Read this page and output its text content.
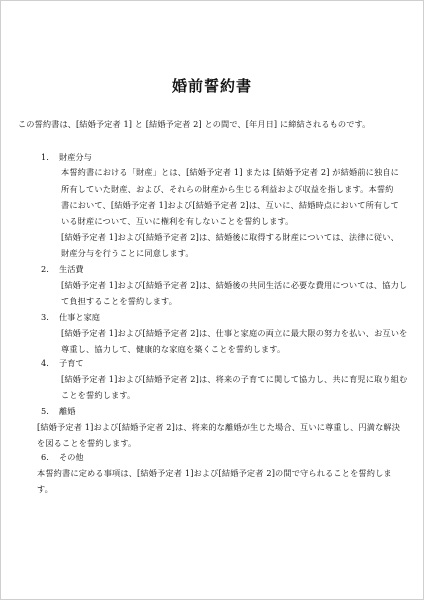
婚前誓約書
この誓約書は、[結婚予定者 1] と [結婚予定者 2] との間で、[年月日] に締結されるものです。
1. 財産分与
本誓約書における「財産」とは、[結婚予定者 1] または [結婚予定者 2] が結婚前に独自に
所有していた財産、および、それらの財産から生じる利益および収益を指します。本誓約
書において、[結婚予定者 1]および[結婚予定者 2]は、互いに、結婚時点において所有して
いる財産について、互いに権利を有しないことを誓約します。
[結婚予定者 1]および[結婚予定者 2]は、結婚後に取得する財産については、法律に従い、
財産分与を行うことに同意します。
2. 生活費
[結婚予定者 1]および[結婚予定者 2]は、結婚後の共同生活に必要な費用については、協力し
て負担することを誓約します。
3. 仕事と家庭
[結婚予定者 1]および[結婚予定者 2]は、仕事と家庭の両立に最大限の努力を払い、お互いを
尊重し、協力して、健康的な家庭を築くことを誓約します。
4. 子育て
[結婚予定者 1]および[結婚予定者 2]は、将来の子育てに関して協力し、共に育児に取り組む
ことを誓約します。
5. 離婚
[結婚予定者 1]および[結婚予定者 2]は、将来的な離婚が生じた場合、互いに尊重し、円満な解決
を図ることを誓約します。
6. その他
本誓約書に定める事項は、[結婚予定者 1]および[結婚予定者 2]の間で守られることを誓約しま
す。
